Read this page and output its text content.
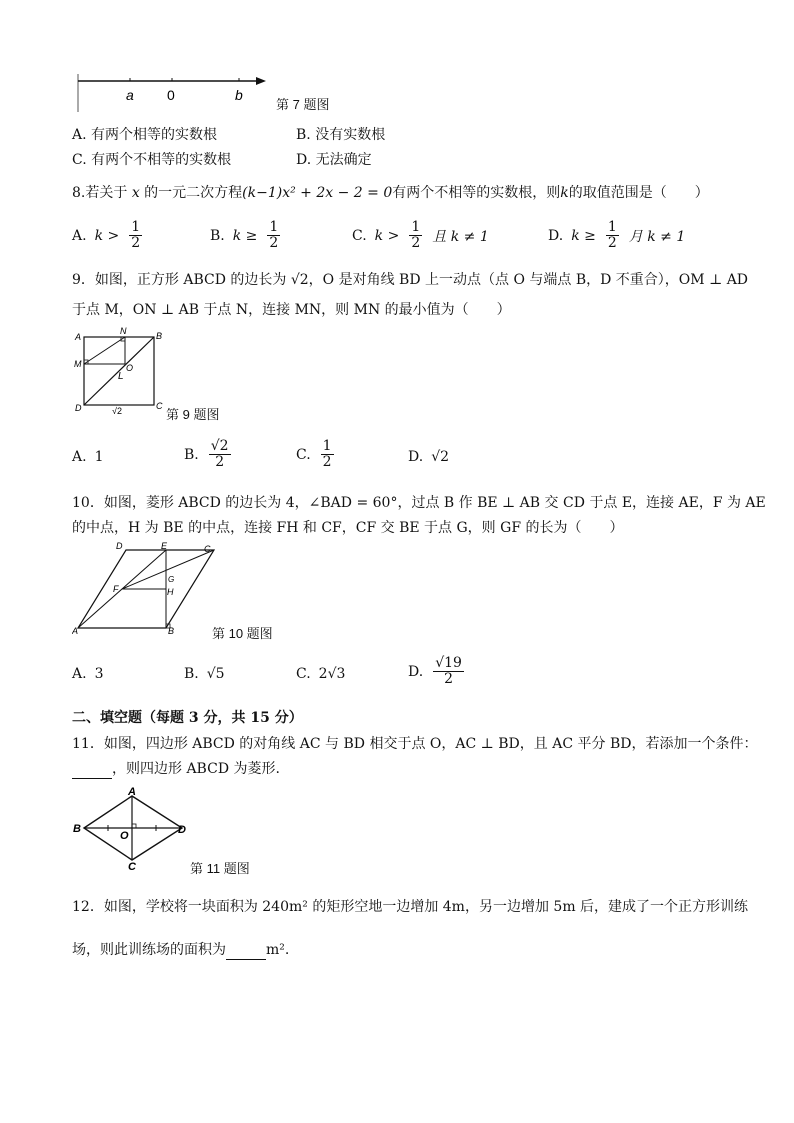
a 0	b
第 7 题图
A. 有两个相等的实数根	B. 没有实数根
C. 有两个不相等的实数根	D. 无法确定
8.若关于 x 的一元二次方程(k−1)x² + 2x − 2 = 0有两个不相等的实数根，则k的取值范围是（　　）
A. $k > \frac{1}{2}$	B. $k \ge \frac{1}{2}$	C. $k > \frac{1}{2}$ 且 k ≠ 1	D. $k \ge \frac{1}{2}$ 月 k ≠ 1
9．如图，正方形 ABCD 的边长为 √2，O 是对角线 BD 上一动点（点 O 与端点 B，D 不重合），OM ⊥ AD
于点 M，ON ⊥ AB 于点 N，连接 MN，则 MN 的最小值为（　　）
A
N	B
M	O
L
D	√2	C
第 9 题图
A. 1	B. $\frac{√2}{2}$	C. $\frac{1}{2}$	D. √2
10．如图，菱形 ABCD 的边长为 4，∠BAD = 60°，过点 B 作 BE ⊥ AB 交 CD 于点 E，连接 AE，F 为 AE
的中点，H 为 BE 的中点，连接 FH 和 CF，CF 交 BE 于点 G，则 GF 的长为（　　）
D	E	C
F
G
H
A	B	第 10 题图
A. 3	B. √5	C. 2√3	D. $\frac{√19}{2}$
二、填空题（每题 3 分，共 15 分）
11．如图，四边形 ABCD 的对角线 AC 与 BD 相交于点 O，AC ⊥ BD，且 AC 平分 BD，若添加一个条件：
，则四边形 ABCD 为菱形.
A
B
O	D
C	第 11 题图
12．如图，学校将一块面积为 240m² 的矩形空地一边增加 4m，另一边增加 5m 后，建成了一个正方形训练
场，则此训练场的面积为	m².
